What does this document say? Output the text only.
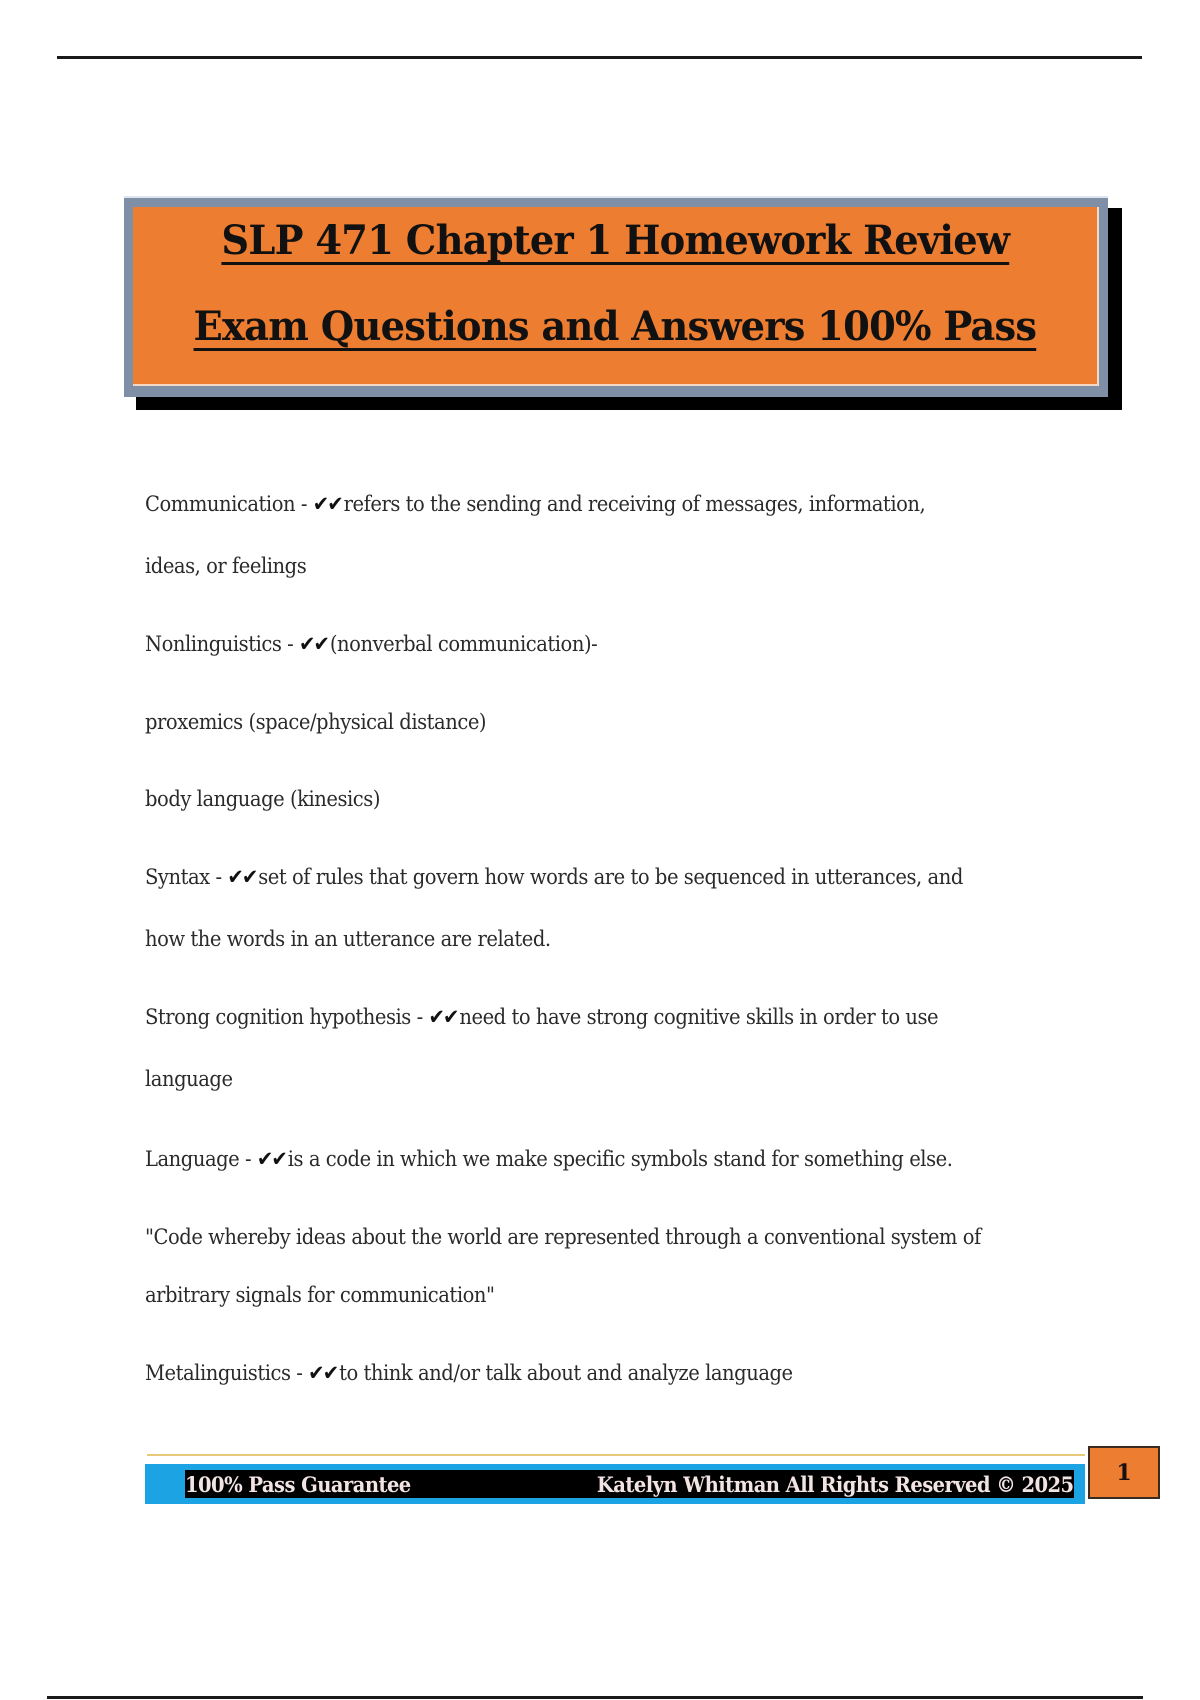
SLP 471 Chapter 1 Homework Review
Exam Questions and Answers 100% Pass
Communication - ✔✔refers to the sending and receiving of messages, information,
ideas, or feelings
Nonlinguistics - ✔✔(nonverbal communication)-
proxemics (space/physical distance)
body language (kinesics)
Syntax - ✔✔set of rules that govern how words are to be sequenced in utterances, and
how the words in an utterance are related.
Strong cognition hypothesis - ✔✔need to have strong cognitive skills in order to use
language
Language - ✔✔is a code in which we make specific symbols stand for something else.
"Code whereby ideas about the world are represented through a conventional system of
arbitrary signals for communication"
Metalinguistics - ✔✔to think and/or talk about and analyze language
100% Pass Guarantee	Katelyn Whitman All Rights Reserved © 2025 1
